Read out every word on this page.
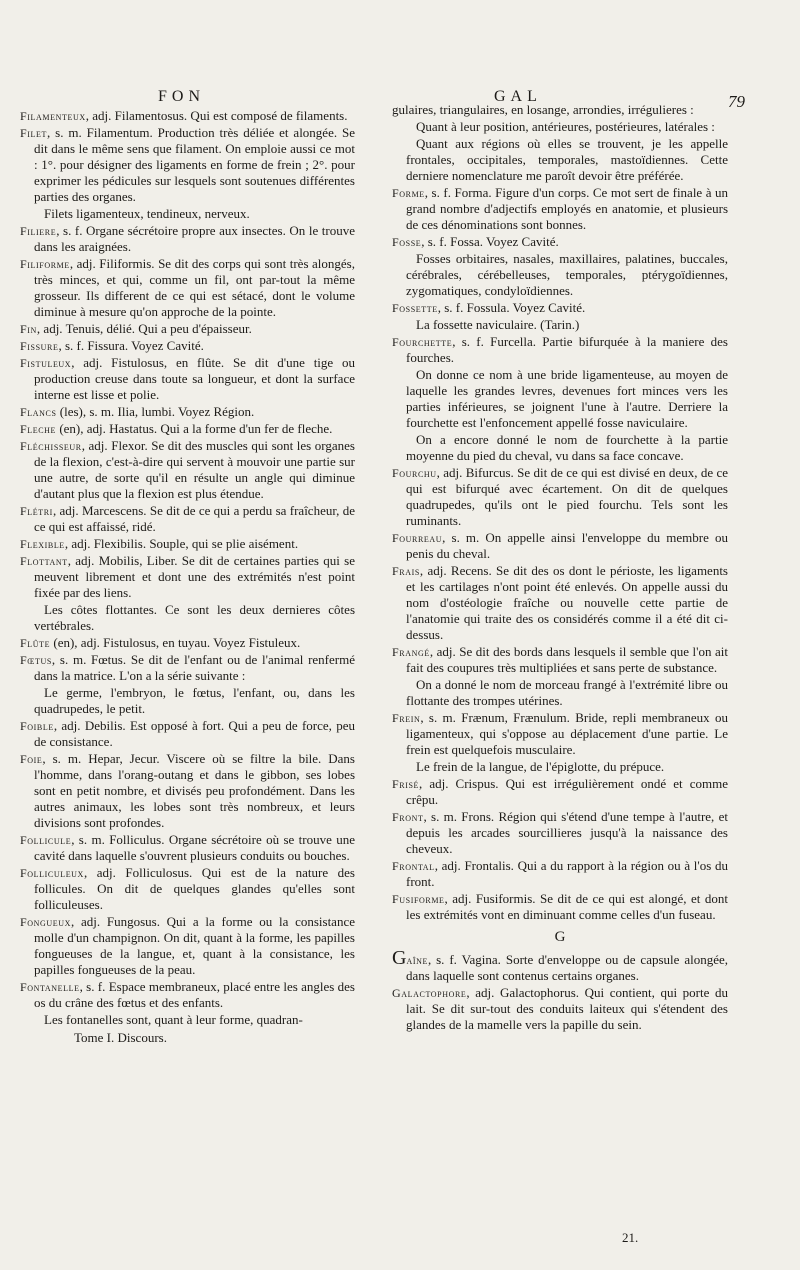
FON	GAL	79

Filamenteux, adj. Filamentosus. Qui est composé de filaments.

Filet, s. m. Filamentum. Production très déliée et alongée. Se dit dans le même sens que filament. On emploie aussi ce mot : 1°. pour désigner des ligaments en forme de frein ; 2°. pour exprimer les pédicules sur lesquels sont soutenues différentes parties des organes.

Filets ligamenteux, tendineux, nerveux.

Filiere, s. f. Organe sécrétoire propre aux insectes. On le trouve dans les araignées.

Filiforme, adj. Filiformis. Se dit des corps qui sont très alongés, très minces, et qui, comme un fil, ont par-tout la même grosseur. Ils different de ce qui est sétacé, dont le volume diminue à mesure qu'on approche de la pointe.

Fin, adj. Tenuis, délié. Qui a peu d'épaisseur.

Fissure, s. f. Fissura. Voyez Cavité.

Fistuleux, adj. Fistulosus, en flûte. Se dit d'une tige ou production creuse dans toute sa longueur, et dont la surface interne est lisse et polie.

Flancs (les), s. m. Ilia, lumbi. Voyez Région.

Fleche (en), adj. Hastatus. Qui a la forme d'un fer de fleche.

Fléchisseur, adj. Flexor. Se dit des muscles qui sont les organes de la flexion, c'est-à-dire qui servent à mouvoir une partie sur une autre, de sorte qu'il en résulte un angle qui diminue d'autant plus que la flexion est plus étendue.

Flétri, adj. Marcescens. Se dit de ce qui a perdu sa fraîcheur, de ce qui est affaissé, ridé.

Flexible, adj. Flexibilis. Souple, qui se plie aisément.

Flottant, adj. Mobilis, Liber. Se dit de certaines parties qui se meuvent librement et dont une des extrémités n'est point fixée par des liens.

Les côtes flottantes. Ce sont les deux dernieres côtes vertébrales.

Flûte (en), adj. Fistulosus, en tuyau. Voyez Fistuleux.

Fœtus, s. m. Fœtus. Se dit de l'enfant ou de l'animal renfermé dans la matrice. L'on a la série suivante :

Le germe, l'embryon, le fœtus, l'enfant, ou, dans les quadrupedes, le petit.

Foible, adj. Debilis. Est opposé à fort. Qui a peu de force, peu de consistance.

Foie, s. m. Hepar, Jecur. Viscere où se filtre la bile. Dans l'homme, dans l'orang-outang et dans le gibbon, ses lobes sont en petit nombre, et divisés peu profondément. Dans les autres animaux, les lobes sont très nombreux, et leurs divisions sont profondes.

Follicule, s. m. Folliculus. Organe sécrétoire où se trouve une cavité dans laquelle s'ouvrent plusieurs conduits ou bouches.

Folliculeux, adj. Folliculosus. Qui est de la nature des follicules. On dit de quelques glandes qu'elles sont folliculeuses.

Fongueux, adj. Fungosus. Qui a la forme ou la consistance molle d'un champignon. On dit, quant à la forme, les papilles fongueuses de la langue, et, quant à la consistance, les papilles fongueuses de la peau.

Fontanelle, s. f. Espace membraneux, placé entre les angles des os du crâne des fœtus et des enfants.

Les fontanelles sont, quant à leur forme, quadran-

Tome I. Discours.

gulaires, triangulaires, en losange, arrondies, irrégulieres :

Quant à leur position, antérieures, postérieures, latérales :

Quant aux régions où elles se trouvent, je les appelle frontales, occipitales, temporales, mastoïdiennes. Cette derniere nomenclature me paroît devoir être préférée.

Forme, s. f. Forma. Figure d'un corps. Ce mot sert de finale à un grand nombre d'adjectifs employés en anatomie, et plusieurs de ces dénominations sont bonnes.

Fosse, s. f. Fossa. Voyez Cavité.

Fosses orbitaires, nasales, maxillaires, palatines, buccales, cérébrales, cérébelleuses, temporales, ptérygoïdiennes, zygomatiques, condyloïdiennes.

Fossette, s. f. Fossula. Voyez Cavité.

La fossette naviculaire. (Tarin.)

Fourchette, s. f. Furcella. Partie bifurquée à la maniere des fourches.

On donne ce nom à une bride ligamenteuse, au moyen de laquelle les grandes levres, devenues fort minces vers les parties inférieures, se joignent l'une à l'autre. Derriere la fourchette est l'enfoncement appellé fosse naviculaire.

On a encore donné le nom de fourchette à la partie moyenne du pied du cheval, vu dans sa face concave.

Fourchu, adj. Bifurcus. Se dit de ce qui est divisé en deux, de ce qui est bifurqué avec écartement. On dit de quelques quadrupedes, qu'ils ont le pied fourchu. Tels sont les ruminants.

Fourreau, s. m. On appelle ainsi l'enveloppe du membre ou penis du cheval.

Frais, adj. Recens. Se dit des os dont le périoste, les ligaments et les cartilages n'ont point été enlevés. On appelle aussi du nom d'ostéologie fraîche ou nouvelle cette partie de l'anatomie qui traite des os considérés comme il a été dit ci-dessus.

Frangé, adj. Se dit des bords dans lesquels il semble que l'on ait fait des coupures très multipliées et sans perte de substance.

On a donné le nom de morceau frangé à l'extrémité libre ou flottante des trompes utérines.

Frein, s. m. Frænum, Frænulum. Bride, repli membraneux ou ligamenteux, qui s'oppose au déplacement d'une partie. Le frein est quelquefois musculaire.

Le frein de la langue, de l'épiglotte, du prépuce.

Frisé, adj. Crispus. Qui est irrégulièrement ondé et comme crêpu.

Front, s. m. Frons. Région qui s'étend d'une tempe à l'autre, et depuis les arcades sourcillieres jusqu'à la naissance des cheveux.

Frontal, adj. Frontalis. Qui a du rapport à la région ou à l'os du front.

Fusiforme, adj. Fusiformis. Se dit de ce qui est alongé, et dont les extrémités vont en diminuant comme celles d'un fuseau.

G

Gaîne, s. f. Vagina. Sorte d'enveloppe ou de capsule alongée, dans laquelle sont contenus certains organes.

Galactophore, adj. Galactophorus. Qui contient, qui porte du lait. Se dit sur-tout des conduits laiteux qui s'étendent des glandes de la mamelle vers la papille du sein.

21.
